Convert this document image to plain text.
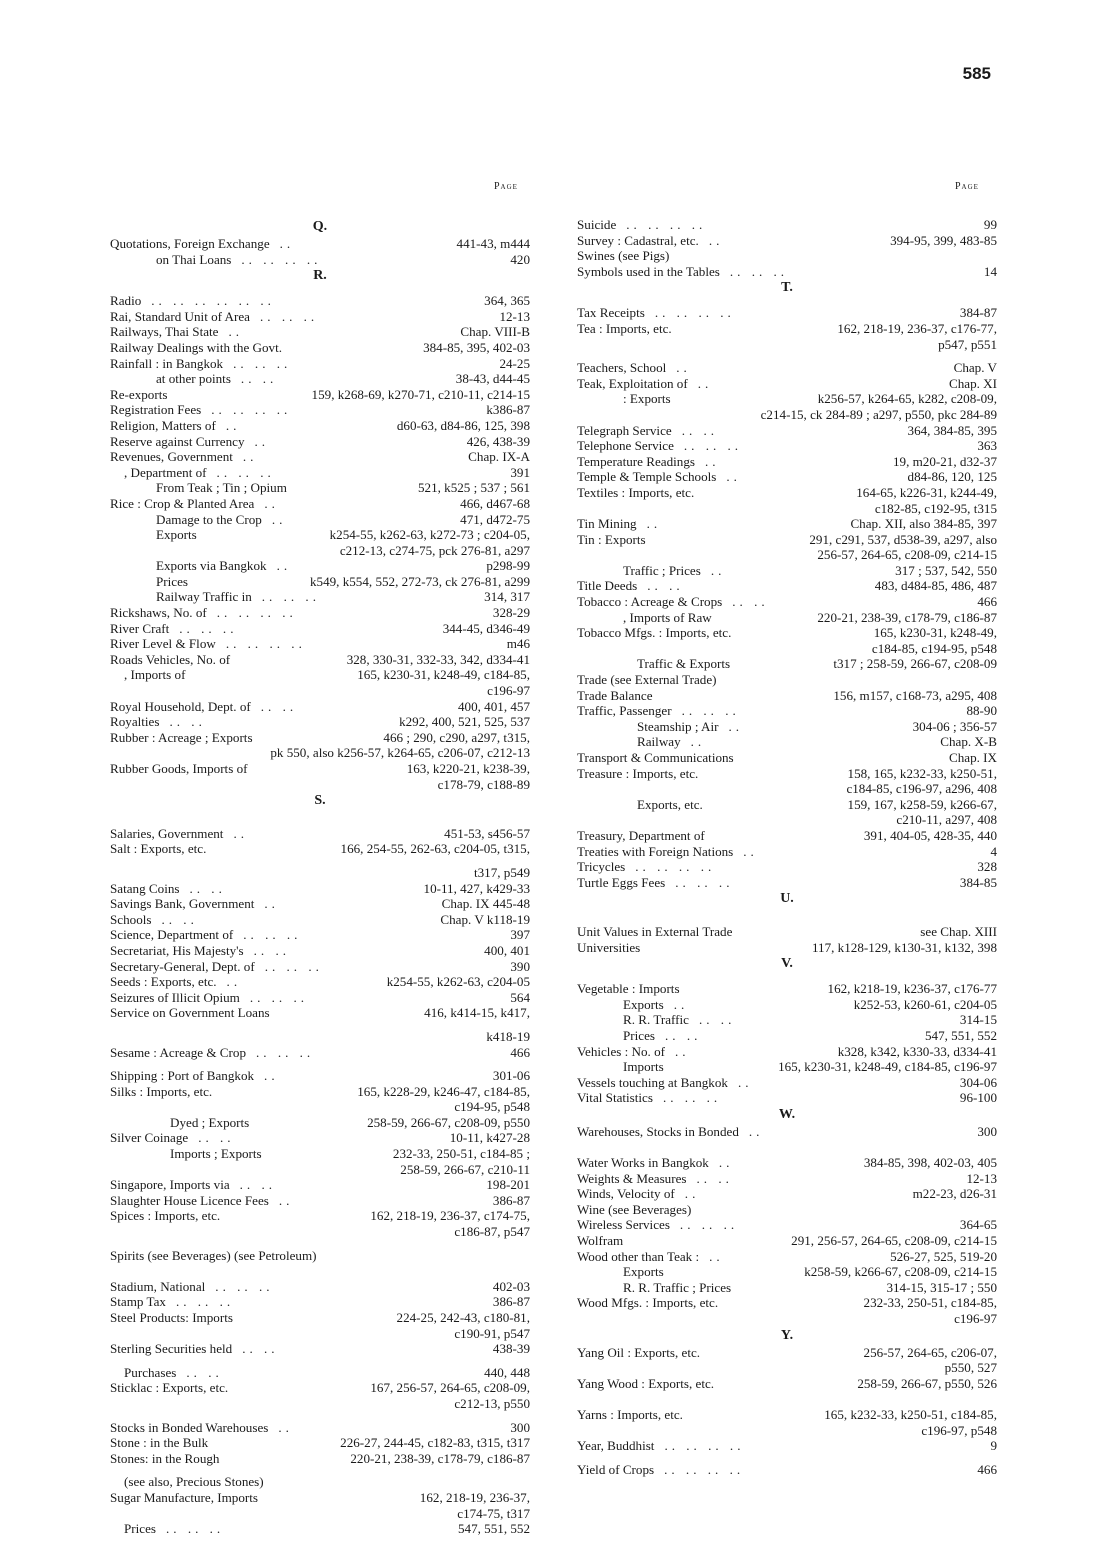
585
Page	Page
Q.
Quotations, Foreign Exchange ..	441-43, m444
on Thai Loans .. .. .. ..	420
R.
Radio .. .. .. .. .. ..	364, 365
Rai, Standard Unit of Area .. .. ..	12-13
Railways, Thai State ..	Chap. VIII-B
Railway Dealings with the Govt.	384-85, 395, 402-03
Rainfall : in Bangkok .. .. ..	24-25
at other points .. ..	38-43, d44-45
Re-exports	159, k268-69, k270-71, c210-11, c214-15
Registration Fees .. .. .. ..	k386-87
Religion, Matters of ..	d60-63, d84-86, 125, 398
Reserve against Currency ..	426, 438-39
Revenues, Government ..	Chap. IX-A
, Department of .. .. ..	391
From Teak ; Tin ; Opium	521, k525 ; 537 ; 561
Rice : Crop & Planted Area ..	466, d467-68
Damage to the Crop ..	471, d472-75
Exports	k254-55, k262-63, k272-73 ; c204-05,
c212-13, c274-75, pck 276-81, a297
Exports via Bangkok ..	p298-99
Prices	k549, k554, 552, 272-73, ck 276-81, a299
Railway Traffic in .. .. ..	314, 317
Rickshaws, No. of .. .. .. ..	328-29
River Craft .. .. ..	344-45, d346-49
River Level & Flow .. .. .. ..	m46
Roads Vehicles, No. of	328, 330-31, 332-33, 342, d334-41
, Imports of	165, k230-31, k248-49, c184-85,
c196-97
Royal Household, Dept. of .. ..	400, 401, 457
Royalties .. ..	k292, 400, 521, 525, 537
Rubber : Acreage ; Exports	466 ; 290, c290, a297, t315,
pk 550, also k256-57, k264-65, c206-07, c212-13
Rubber Goods, Imports of	163, k220-21, k238-39,
c178-79, c188-89
S.
Salaries, Government ..	451-53, s456-57
Salt : Exports, etc.	166, 254-55, 262-63, c204-05, t315,
t317, p549
Satang Coins .. ..	10-11, 427, k429-33
Savings Bank, Government ..	Chap. IX 445-48
Schools .. ..	Chap. V k118-19
Science, Department of .. .. ..	397
Secretariat, His Majesty's .. ..	400, 401
Secretary-General, Dept. of .. .. ..	390
Seeds : Exports, etc. ..	k254-55, k262-63, c204-05
Seizures of Illicit Opium .. .. ..	564
Service on Government Loans	416, k414-15, k417,
k418-19
Sesame : Acreage & Crop .. .. ..	466
Shipping : Port of Bangkok ..	301-06
Silks : Imports, etc.	165, k228-29, k246-47, c184-85,
c194-95, p548
Dyed ; Exports	258-59, 266-67, c208-09, p550
Silver Coinage .. ..	10-11, k427-28
Imports ; Exports	232-33, 250-51, c184-85 ;
258-59, 266-67, c210-11
Singapore, Imports via .. ..	198-201
Slaughter House Licence Fees ..	386-87
Spices : Imports, etc.	162, 218-19, 236-37, c174-75,
c186-87, p547
Spirits (see Beverages) (see Petroleum)
Stadium, National .. .. ..	402-03
Stamp Tax .. .. ..	386-87
Steel Products: Imports	224-25, 242-43, c180-81,
c190-91, p547
Sterling Securities held .. ..	438-39
Purchases .. ..	440, 448
Sticklac : Exports, etc.	167, 256-57, 264-65, c208-09,
c212-13, p550
Stocks in Bonded Warehouses ..	300
Stone : in the Bulk	226-27, 244-45, c182-83, t315, t317
Stones: in the Rough	220-21, 238-39, c178-79, c186-87
(see also, Precious Stones)
Sugar Manufacture, Imports	162, 218-19, 236-37,
c174-75, t317
Prices .. .. ..	547, 551, 552
Suicide .. .. .. ..	99
Survey : Cadastral, etc. ..	394-95, 399, 483-85
Swines (see Pigs)
Symbols used in the Tables .. .. ..	14
T.
Tax Receipts .. .. .. ..	384-87
Tea : Imports, etc.	162, 218-19, 236-37, c176-77,
p547, p551
Teachers, School ..	Chap. V
Teak, Exploitation of ..	Chap. XI
: Exports	k256-57, k264-65, k282, c208-09,
c214-15, ck 284-89 ; a297, p550, pkc 284-89
Telegraph Service .. ..	364, 384-85, 395
Telephone Service .. .. ..	363
Temperature Readings ..	19, m20-21, d32-37
Temple & Temple Schools ..	d84-86, 120, 125
Textiles : Imports, etc.	164-65, k226-31, k244-49,
c182-85, c192-95, t315
Tin Mining ..	Chap. XII, also 384-85, 397
Tin : Exports	291, c291, 537, d538-39, a297, also
256-57, 264-65, c208-09, c214-15
Traffic ; Prices ..	317 ; 537, 542, 550
Title Deeds .. ..	483, d484-85, 486, 487
Tobacco : Acreage & Crops .. ..	466
, Imports of Raw	220-21, 238-39, c178-79, c186-87
Tobacco Mfgs. : Imports, etc.	165, k230-31, k248-49,
c184-85, c194-95, p548
Traffic & Exports	t317 ; 258-59, 266-67, c208-09
Trade (see External Trade)
Trade Balance	156, m157, c168-73, a295, 408
Traffic, Passenger .. .. ..	88-90
Steamship ; Air ..	304-06 ; 356-57
Railway ..	Chap. X-B
Transport & Communications	Chap. IX
Treasure : Imports, etc.	158, 165, k232-33, k250-51,
c184-85, c196-97, a296, 408
Exports, etc.	159, 167, k258-59, k266-67,
c210-11, a297, 408
Treasury, Department of	391, 404-05, 428-35, 440
Treaties with Foreign Nations ..	4
Tricycles .. .. .. ..	328
Turtle Eggs Fees .. .. ..	384-85
U.
Unit Values in External Trade	see Chap. XIII
Universities	117, k128-129, k130-31, k132, 398
V.
Vegetable : Imports	162, k218-19, k236-37, c176-77
Exports ..	k252-53, k260-61, c204-05
R. R. Traffic .. ..	314-15
Prices .. ..	547, 551, 552
Vehicles : No. of ..	k328, k342, k330-33, d334-41
Imports	165, k230-31, k248-49, c184-85, c196-97
Vessels touching at Bangkok ..	304-06
Vital Statistics .. .. ..	96-100
W.
Warehouses, Stocks in Bonded ..	300
Water Works in Bangkok ..	384-85, 398, 402-03, 405
Weights & Measures .. ..	12-13
Winds, Velocity of ..	m22-23, d26-31
Wine (see Beverages)
Wireless Services .. .. ..	364-65
Wolfram	291, 256-57, 264-65, c208-09, c214-15
Wood other than Teak : ..	526-27, 525, 519-20
Exports	k258-59, k266-67, c208-09, c214-15
R. R. Traffic ; Prices	314-15, 315-17 ; 550
Wood Mfgs. : Imports, etc.	232-33, 250-51, c184-85,
c196-97
Y.
Yang Oil : Exports, etc.	256-57, 264-65, c206-07,
p550, 527
Yang Wood : Exports, etc.	258-59, 266-67, p550, 526
Yarns : Imports, etc.	165, k232-33, k250-51, c184-85,
c196-97, p548
Year, Buddhist .. .. .. ..	9
Yield of Crops .. .. .. ..	466
